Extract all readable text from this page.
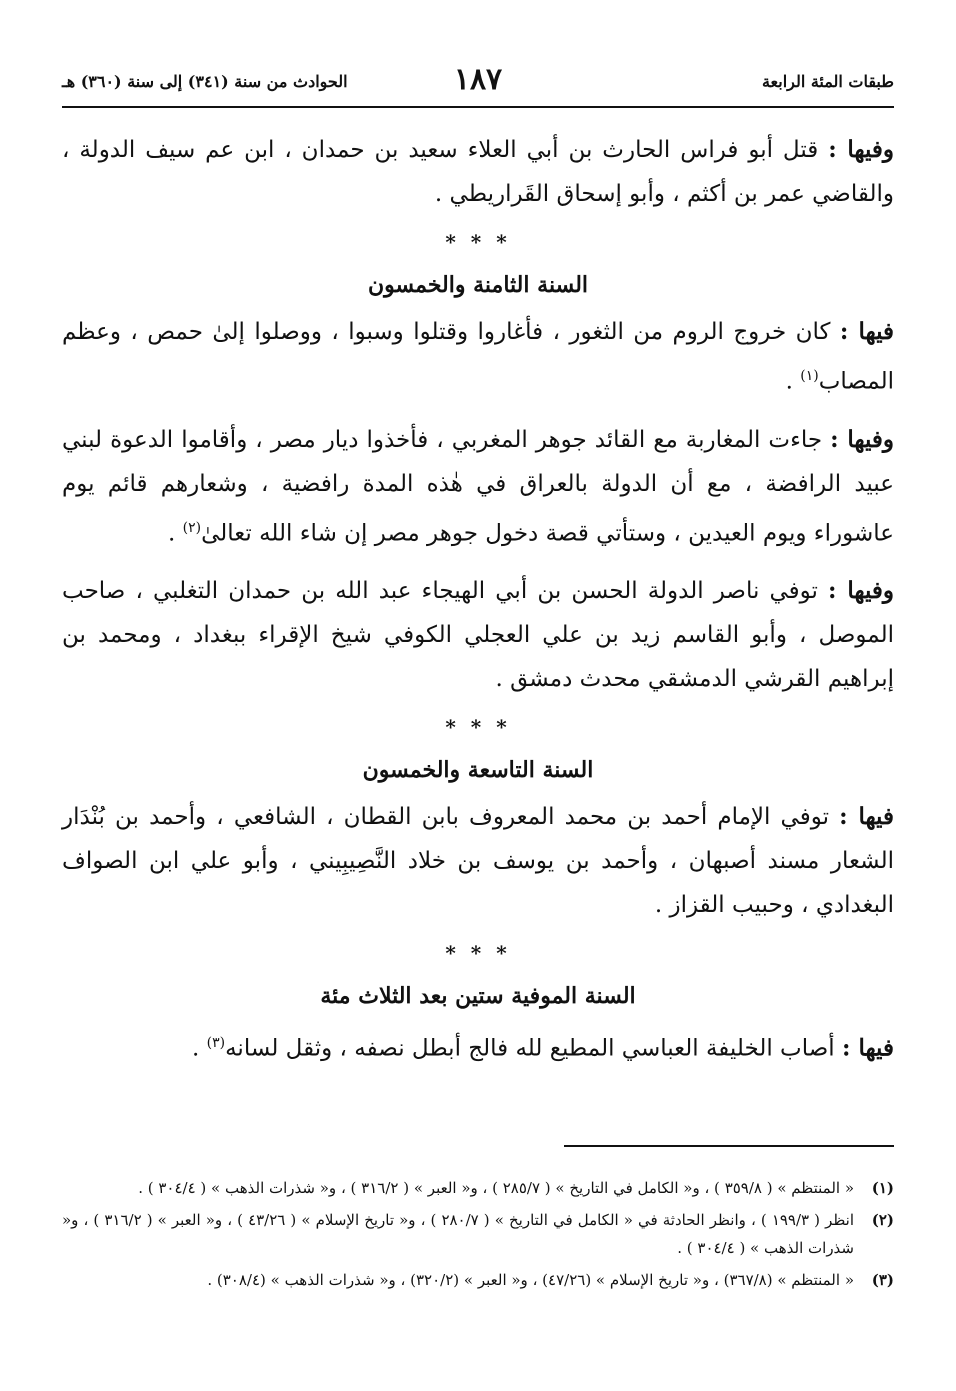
طبقات المئة الرابعة
١٨٧
الحوادث من سنة (٣٤١) إلى سنة (٣٦٠) هـ

وفيها : قتل أبو فراس الحارث بن أبي العلاء سعيد بن حمدان ، ابن عم سيف الدولة ، والقاضي عمر بن أكثم ، وأبو إسحاق القَراريطي .

* * *
السنة الثامنة والخمسون

فيها : كان خروج الروم من الثغور ، فأغاروا وقتلوا وسبوا ، ووصلوا إلىٰ حمص ، وعظم المصاب$^{(١)}$ .

وفيها : جاءت المغاربة مع القائد جوهر المغربي ، فأخذوا ديار مصر ، وأقاموا الدعوة لبني عبيد الرافضة ، مع أن الدولة بالعراق في هٰذه المدة رافضية ، وشعارهم قائم يوم عاشوراء ويوم العيدين ، وستأتي قصة دخول جوهر مصر إن شاء الله تعالىٰ$^{(٢)}$ .

وفيها : توفي ناصر الدولة الحسن بن أبي الهيجاء عبد الله بن حمدان التغلبي ، صاحب الموصل ، وأبو القاسم زيد بن علي العجلي الكوفي شيخ الإقراء ببغداد ، ومحمد بن إبراهيم القرشي الدمشقي محدث دمشق .

* * *
السنة التاسعة والخمسون

فيها : توفي الإمام أحمد بن محمد المعروف بابن القطان ، الشافعي ، وأحمد بن بُنْدَار الشعار مسند أصبهان ، وأحمد بن يوسف بن خلاد النَّصِيبِيني ، وأبو علي ابن الصواف البغدادي ، وحبيب القزاز .

* * *
السنة الموفية ستين بعد الثلاث مئة

فيها : أصاب الخليفة العباسي المطيع لله فالج أبطل نصفه ، وثقل لسانه$^{(٣)}$ .

(١)
« المنتظم » ( ٣٥٩/٨ ) ، و« الكامل في التاريخ » ( ٢٨٥/٧ ) ، و« العبر » ( ٣١٦/٢ ) ، و« شذرات الذهب » ( ٣٠٤/٤ ) .
(٢)
انظر ( ١٩٩/٣ ) ، وانظر الحادثة في « الكامل في التاريخ » ( ٢٨٠/٧ ) ، و« تاريخ الإسلام » ( ٤٣/٢٦ ) ، و« العبر » ( ٣١٦/٢ ) ، و« شذرات الذهب » ( ٣٠٤/٤ ) .
(٣)
« المنتظم » (٣٦٧/٨) ، و« تاريخ الإسلام » (٤٧/٢٦) ، و« العبر » (٣٢٠/٢) ، و« شذرات الذهب » (٣٠٨/٤) .
